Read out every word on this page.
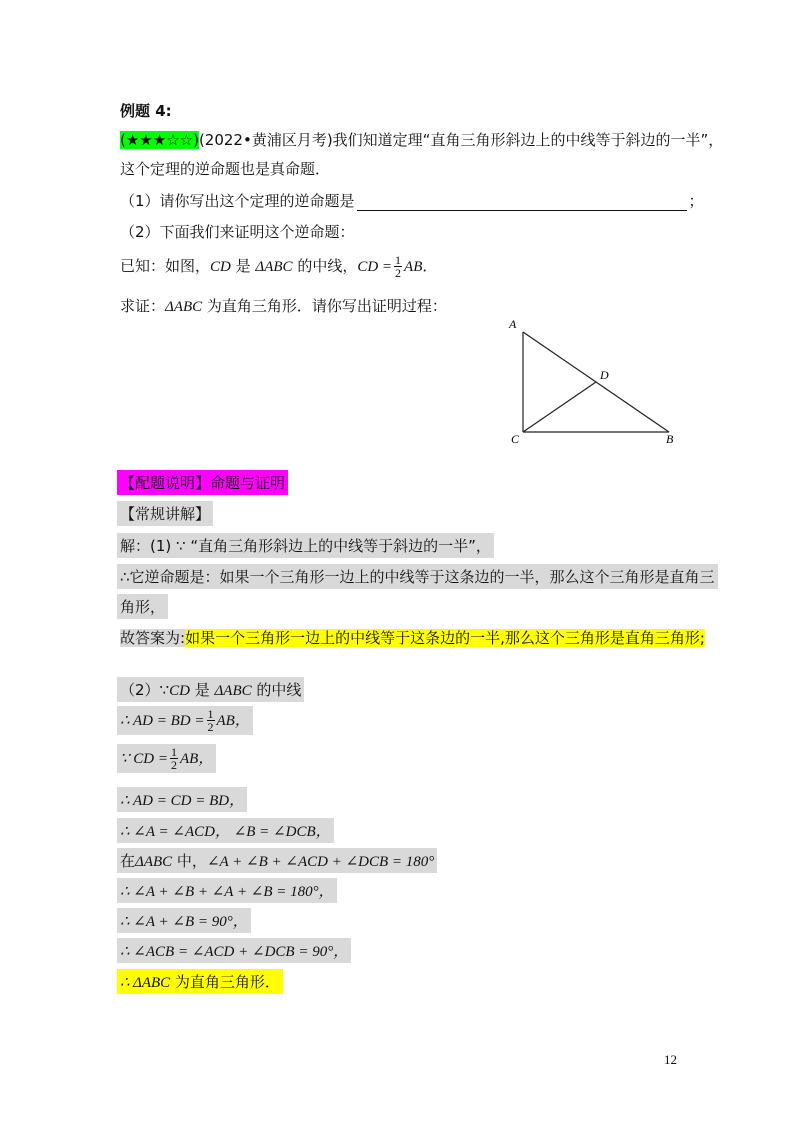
例题 4:
(★★★☆☆)(2022•黄浦区月考)我们知道定理“直角三角形斜边上的中线等于斜边的一半”，
这个定理的逆命题也是真命题．
（1）请你写出这个定理的逆命题是	；
（2）下面我们来证明这个逆命题：
已知：如图，CD 是 ΔABC 的中线，CD = $\frac{1}{2}$ AB．
求证：ΔABC 为直角三角形．请你写出证明过程：
A
D
C	B
【配题说明】命题与证明
【常规讲解】
解：(1) ∵ “直角三角形斜边上的中线等于斜边的一半”，
∴它逆命题是：如果一个三角形一边上的中线等于这条边的一半，那么这个三角形是直角三
角形，
故答案为:如果一个三角形一边上的中线等于这条边的一半,那么这个三角形是直角三角形;
（2）∵CD 是 ΔABC 的中线
∴ AD = BD = $\frac{1}{2}$ AB，
∵ CD = $\frac{1}{2}$ AB，
∴ AD = CD = BD，
∴ ∠A = ∠ACD， ∠B = ∠DCB，
在ΔABC 中，∠A + ∠B + ∠ACD + ∠DCB = 180°
∴ ∠A + ∠B + ∠A + ∠B = 180°，
∴ ∠A + ∠B = 90°，
∴ ∠ACB = ∠ACD + ∠DCB = 90°，
∴ ΔABC 为直角三角形．
12
